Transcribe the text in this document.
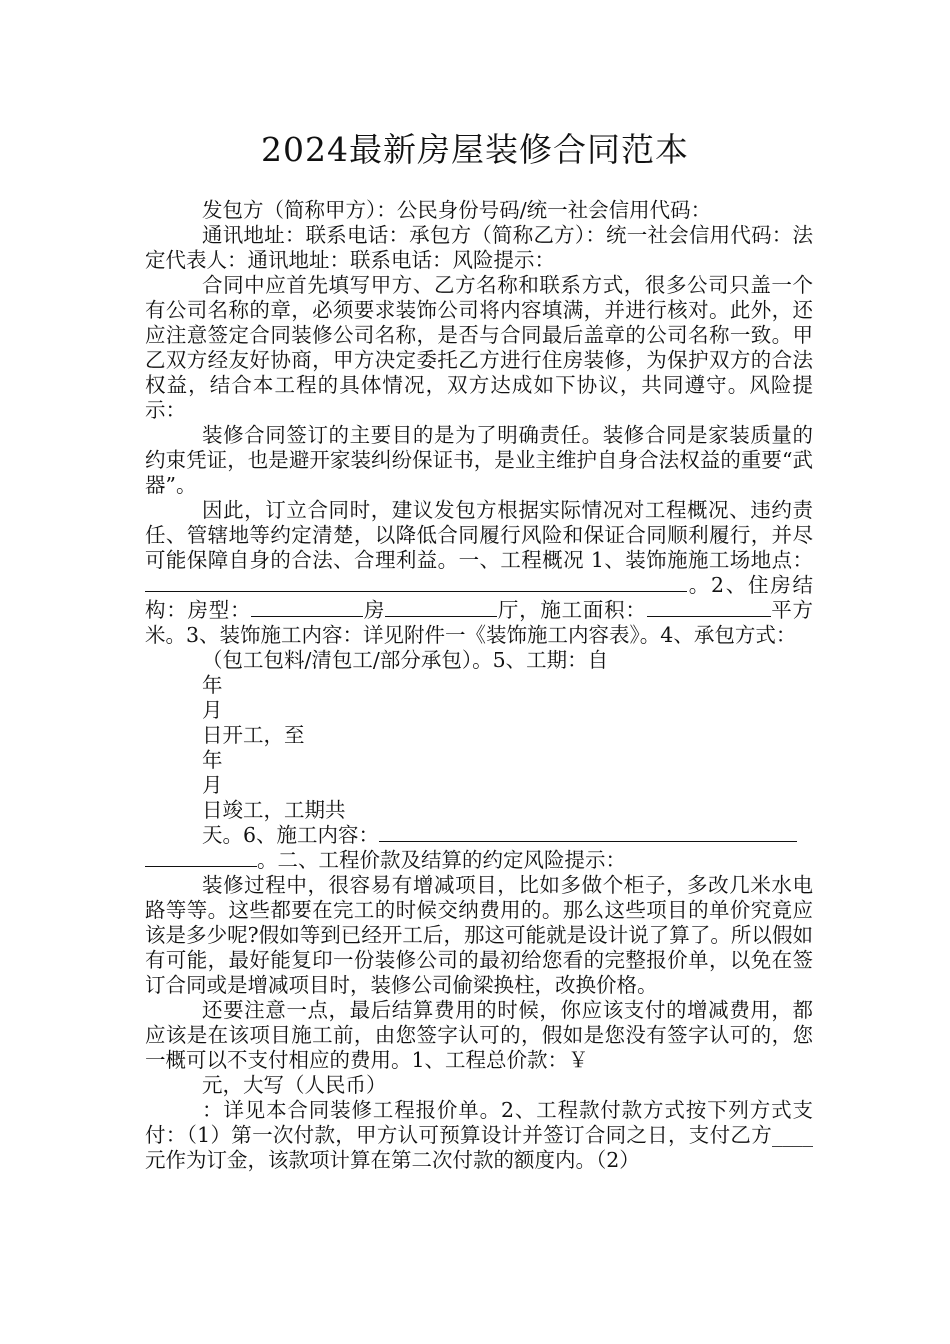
2024最新房屋装修合同范本

发包方（简称甲方）：公民身份号码/统一社会信用代码：

通讯地址：联系电话：承包方（简称乙方）：统一社会信用代码：法定代表人：通讯地址：联系电话：风险提示：

合同中应首先填写甲方、乙方名称和联系方式，很多公司只盖一个有公司名称的章，必须要求装饰公司将内容填满，并进行核对。此外，还应注意签定合同装修公司名称，是否与合同最后盖章的公司名称一致。甲乙双方经友好协商，甲方决定委托乙方进行住房装修，为保护双方的合法权益，结合本工程的具体情况，双方达成如下协议，共同遵守。风险提示：

装修合同签订的主要目的是为了明确责任。装修合同是家装质量的约束凭证，也是避开家装纠纷保证书，是业主维护自身合法权益的重要“武器”。

因此，订立合同时，建议发包方根据实际情况对工程概况、违约责任、管辖地等约定清楚，以降低合同履行风险和保证合同顺利履行，并尽可能保障自身的合法、合理利益。一、工程概况 1、装饰施施工场地点：。2、住房结构：房型：	房	厅，施工面积：	平方米。3、装饰施工内容：详见附件一《装饰施工内容表》。4、承包方式：

（包工包料/清包工/部分承包）。5、工期：自

年

月

日开工，至

年

月

日竣工，工期共

天。6、施工内容：

。二、工程价款及结算的约定风险提示：

装修过程中，很容易有增减项目，比如多做个柜子，多改几米水电路等等。这些都要在完工的时候交纳费用的。那么这些项目的单价究竟应该是多少呢?假如等到已经开工后，那这可能就是设计说了算了。所以假如有可能，最好能复印一份装修公司的最初给您看的完整报价单，以免在签订合同或是增减项目时，装修公司偷梁换柱，改换价格。

还要注意一点，最后结算费用的时候，你应该支付的增减费用，都应该是在该项目施工前，由您签字认可的，假如是您没有签字认可的，您一概可以不支付相应的费用。1、工程总价款：￥

元，大写（人民币）

：详见本合同装修工程报价单。2、工程款付款方式按下列方式支付：（1）第一次付款，甲方认可预算设计并签订合同之日，支付乙方____元作为订金，该款项计算在第二次付款的额度内。（2）
